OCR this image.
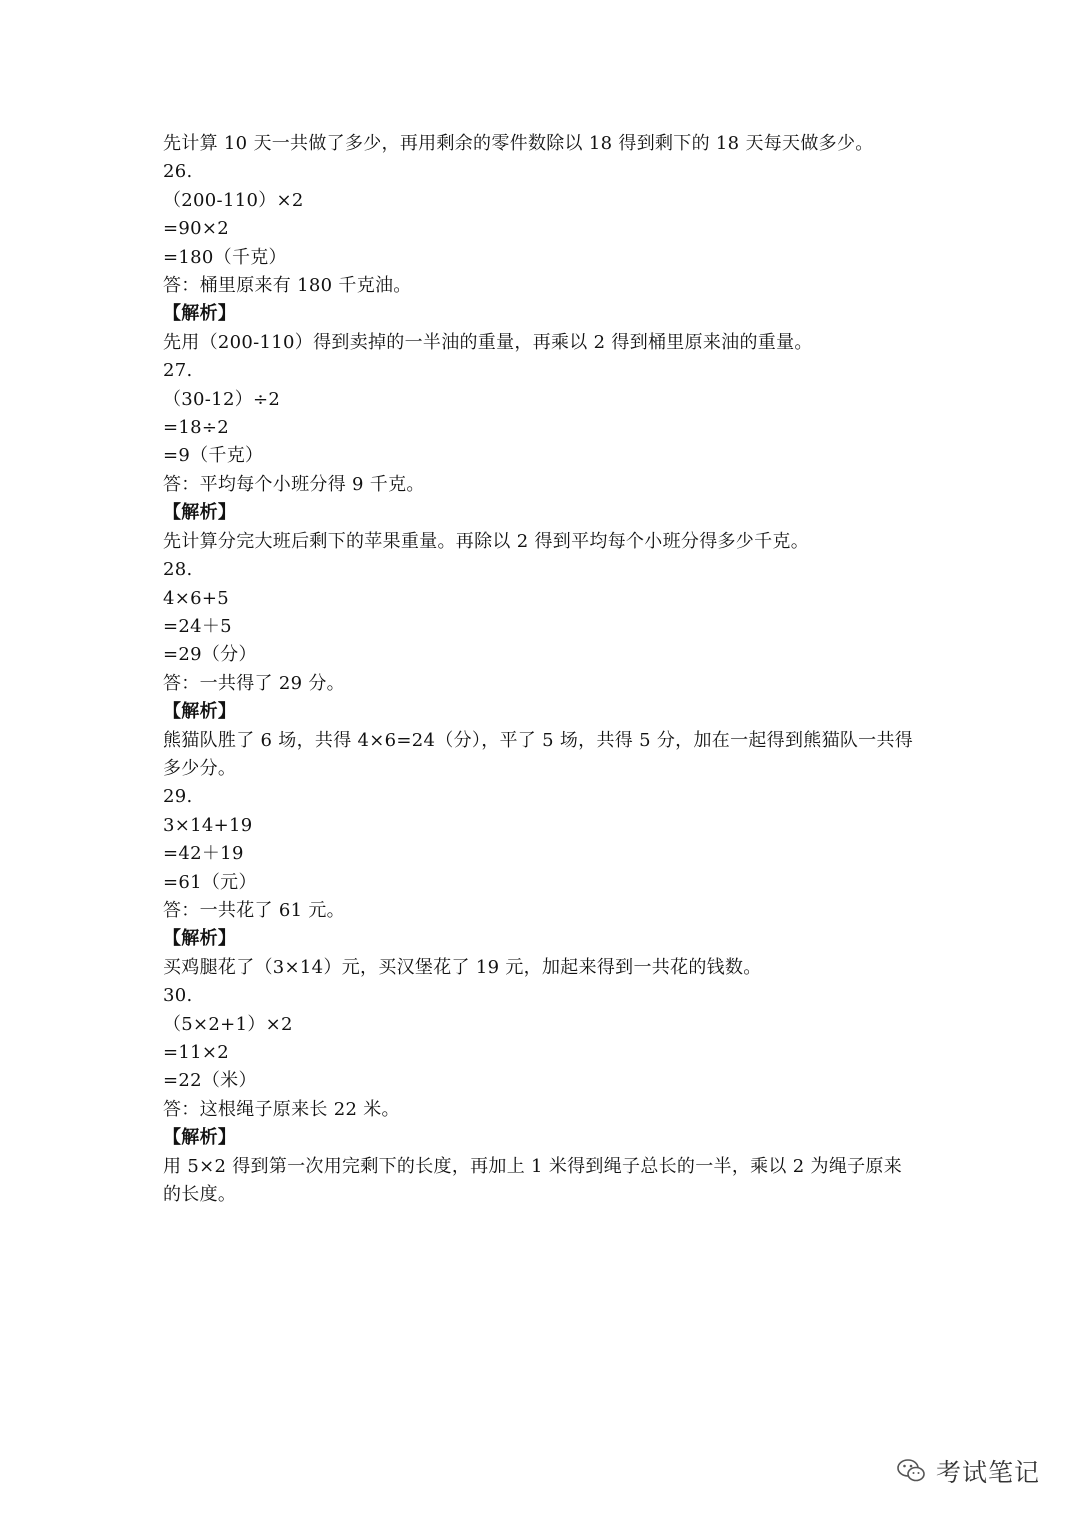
先计算 10 天一共做了多少，再用剩余的零件数除以 18 得到剩下的 18 天每天做多少。
26.
（200-110）×2
=90×2
=180（千克）
答：桶里原来有 180 千克油。
【解析】
先用（200-110）得到卖掉的一半油的重量，再乘以 2 得到桶里原来油的重量。
27.
（30-12）÷2
=18÷2
=9（千克）
答：平均每个小班分得 9 千克。
【解析】
先计算分完大班后剩下的苹果重量。再除以 2 得到平均每个小班分得多少千克。
28.
4×6+5
=24＋5
=29（分）
答：一共得了 29 分。
【解析】
熊猫队胜了 6 场，共得 4×6=24（分），平了 5 场，共得 5 分，加在一起得到熊猫队一共得
多少分。
29.
3×14+19
=42＋19
=61（元）
答：一共花了 61 元。
【解析】
买鸡腿花了（3×14）元，买汉堡花了 19 元，加起来得到一共花的钱数。
30.
（5×2+1）×2
=11×2
=22（米）
答：这根绳子原来长 22 米。
【解析】
用 5×2 得到第一次用完剩下的长度，再加上 1 米得到绳子总长的一半，乘以 2 为绳子原来
的长度。
考试笔记
